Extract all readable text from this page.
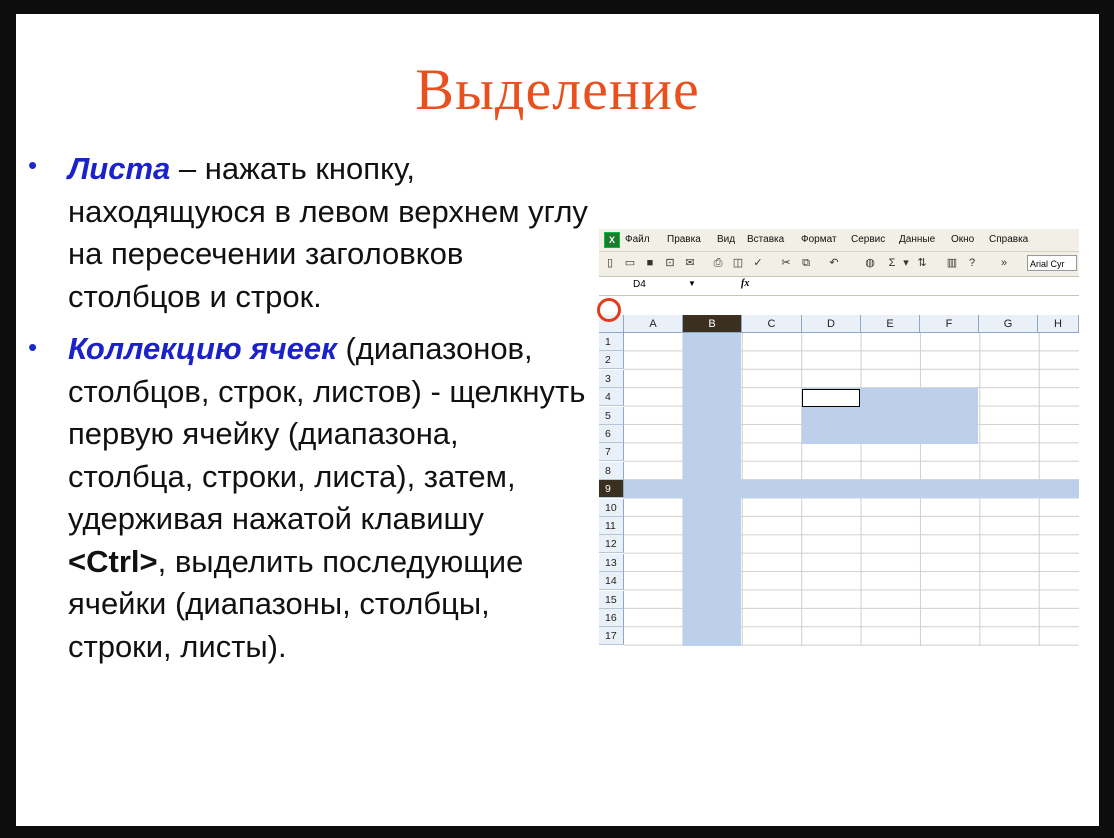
Выделение
• Листа – нажать кнопку, находящуюся в левом верхнем углу на пересечении заголовков столбцов и строк.
• Коллекцию ячеек (диапазонов, столбцов, строк, листов) - щелкнуть первую ячейку (диапазона, столбца, строки, листа), затем, удерживая нажатой клавишу <Ctrl>, выделить последующие ячейки (диапазоны, столбцы, строки, листы).
X	Файл Правка Вид Вставка Формат Сервис Данные Окно Справка
▯	▭	■	⊡ ✉ ⎙ ◫ ✓ ✂ ⧉ ↶ ◍	Σ ▾ ⇅ ▥	?	»	Arial Cyr
D4	▼	fx
A	B	C	D	E	F	G	H
1
2
3
4
5
6
7
8
9
10
11
12
13
14
15
16
17
